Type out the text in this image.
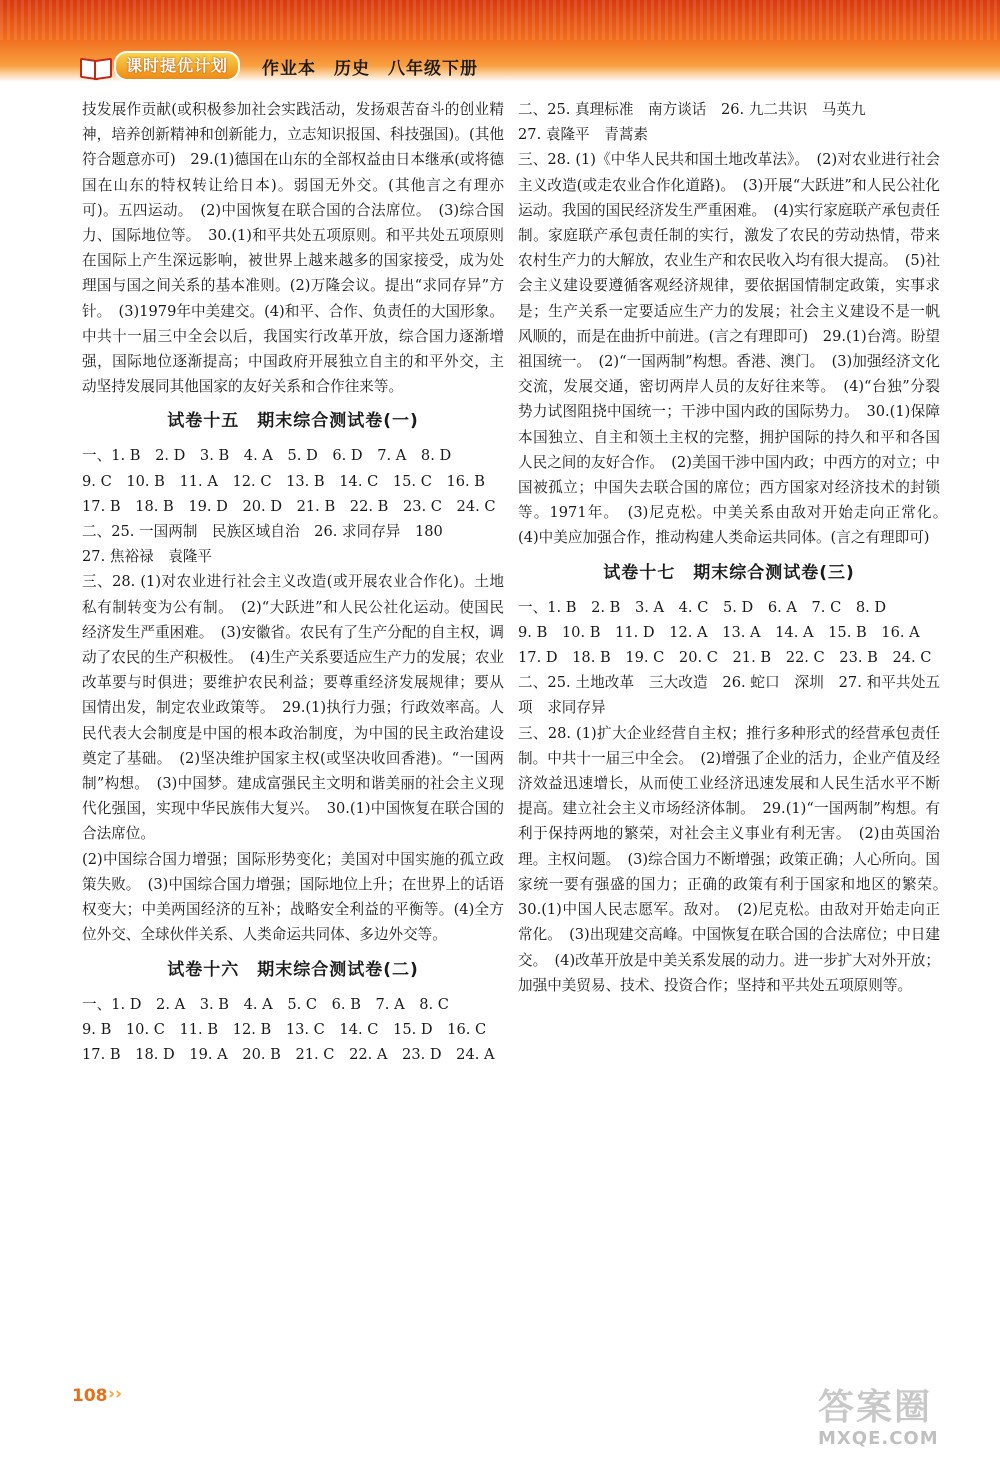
课时提优计划	作业本 历史 八年级下册

技发展作贡献(或积极参加社会实践活动，发扬艰苦奋斗的创业精神，培养创新精神和创新能力，立志知识报国、科技强国)。(其他符合题意亦可)　29.(1)德国在山东的全部权益由日本继承(或将德国在山东的特权转让给日本)。弱国无外交。(其他言之有理亦可)。五四运动。　(2)中国恢复在联合国的合法席位。　(3)综合国力、国际地位等。　30.(1)和平共处五项原则。和平共处五项原则在国际上产生深远影响，被世界上越来越多的国家接受，成为处理国与国之间关系的基本准则。(2)万隆会议。提出“求同存异”方针。　(3)1979年中美建交。(4)和平、合作、负责任的大国形象。中共十一届三中全会以后，我国实行改革开放，综合国力逐渐增强，国际地位逐渐提高；中国政府开展独立自主的和平外交，主动坚持发展同其他国家的友好关系和合作往来等。

试卷十五　期末综合测试卷(一)

一、1. B　2. D　3. B　4. A　5. D　6. D　7. A　8. D

9. C　10. B　11. A　12. C　13. B　14. C　15. C　16. B

17. B　18. B　19. D　20. D　21. B　22. B　23. C　24. C

二、25. 一国两制　民族区域自治　26. 求同存异　180

27. 焦裕禄　袁隆平

三、28. (1)对农业进行社会主义改造(或开展农业合作化)。土地私有制转变为公有制。　(2)“大跃进”和人民公社化运动。使国民经济发生严重困难。　(3)安徽省。农民有了生产分配的自主权，调动了农民的生产积极性。　(4)生产关系要适应生产力的发展；农业改革要与时俱进；要维护农民利益；要尊重经济发展规律；要从国情出发，制定农业政策等。　29.(1)执行力强；行政效率高。人民代表大会制度是中国的根本政治制度，为中国的民主政治建设奠定了基础。　(2)坚决维护国家主权(或坚决收回香港)。“一国两制”构想。　(3)中国梦。建成富强民主文明和谐美丽的社会主义现代化强国，实现中华民族伟大复兴。　30.(1)中国恢复在联合国的合法席位。

(2)中国综合国力增强；国际形势变化；美国对中国实施的孤立政策失败。　(3)中国综合国力增强；国际地位上升；在世界上的话语权变大；中美两国经济的互补；战略安全利益的平衡等。(4)全方位外交、全球伙伴关系、人类命运共同体、多边外交等。

试卷十六　期末综合测试卷(二)

一、1. D　2. A　3. B　4. A　5. C　6. B　7. A　8. C

9. B　10. C　11. B　12. B　13. C　14. C　15. D　16. C

17. B　18. D　19. A　20. B　21. C　22. A　23. D　24. A

二、25. 真理标准　南方谈话　26. 九二共识　马英九

27. 袁隆平　青蒿素

三、28. (1)《中华人民共和国土地改革法》。　(2)对农业进行社会主义改造(或走农业合作化道路)。　(3)开展“大跃进”和人民公社化运动。我国的国民经济发生严重困难。　(4)实行家庭联产承包责任制。家庭联产承包责任制的实行，激发了农民的劳动热情，带来农村生产力的大解放，农业生产和农民收入均有很大提高。　(5)社会主义建设要遵循客观经济规律，要依据国情制定政策，实事求是；生产关系一定要适应生产力的发展；社会主义建设不是一帆风顺的，而是在曲折中前进。(言之有理即可)　29.(1)台湾。盼望祖国统一。　(2)“一国两制”构想。香港、澳门。　(3)加强经济文化交流，发展交通，密切两岸人员的友好往来等。　(4)“台独”分裂势力试图阻挠中国统一；干涉中国内政的国际势力。　30.(1)保障本国独立、自主和领土主权的完整，拥护国际的持久和平和各国人民之间的友好合作。　(2)美国干涉中国内政；中西方的对立；中国被孤立；中国失去联合国的席位；西方国家对经济技术的封锁等。1971年。　(3)尼克松。中美关系由敌对开始走向正常化。　(4)中美应加强合作，推动构建人类命运共同体。(言之有理即可)

试卷十七　期末综合测试卷(三)

一、1. B　2. B　3. A　4. C　5. D　6. A　7. C　8. D

9. B　10. B　11. D　12. A　13. A　14. A　15. B　16. A

17. D　18. B　19. C　20. C　21. B　22. C　23. B　24. C

二、25. 土地改革　三大改造　26. 蛇口　深圳　27. 和平共处五项　求同存异

三、28. (1)扩大企业经营自主权；推行多种形式的经营承包责任制。中共十一届三中全会。　(2)增强了企业的活力，企业产值及经济效益迅速增长，从而使工业经济迅速发展和人民生活水平不断提高。建立社会主义市场经济体制。　29.(1)“一国两制”构想。有利于保持两地的繁荣，对社会主义事业有利无害。　(2)由英国治理。主权问题。　(3)综合国力不断增强；政策正确；人心所向。国家统一要有强盛的国力；正确的政策有利于国家和地区的繁荣。　30.(1)中国人民志愿军。敌对。　(2)尼克松。由敌对开始走向正常化。　(3)出现建交高峰。中国恢复在联合国的合法席位；中日建交。　(4)改革开放是中美关系发展的动力。进一步扩大对外开放；加强中美贸易、技术、投资合作；坚持和平共处五项原则等。

108 ››	答案圈
MXQE.COM
